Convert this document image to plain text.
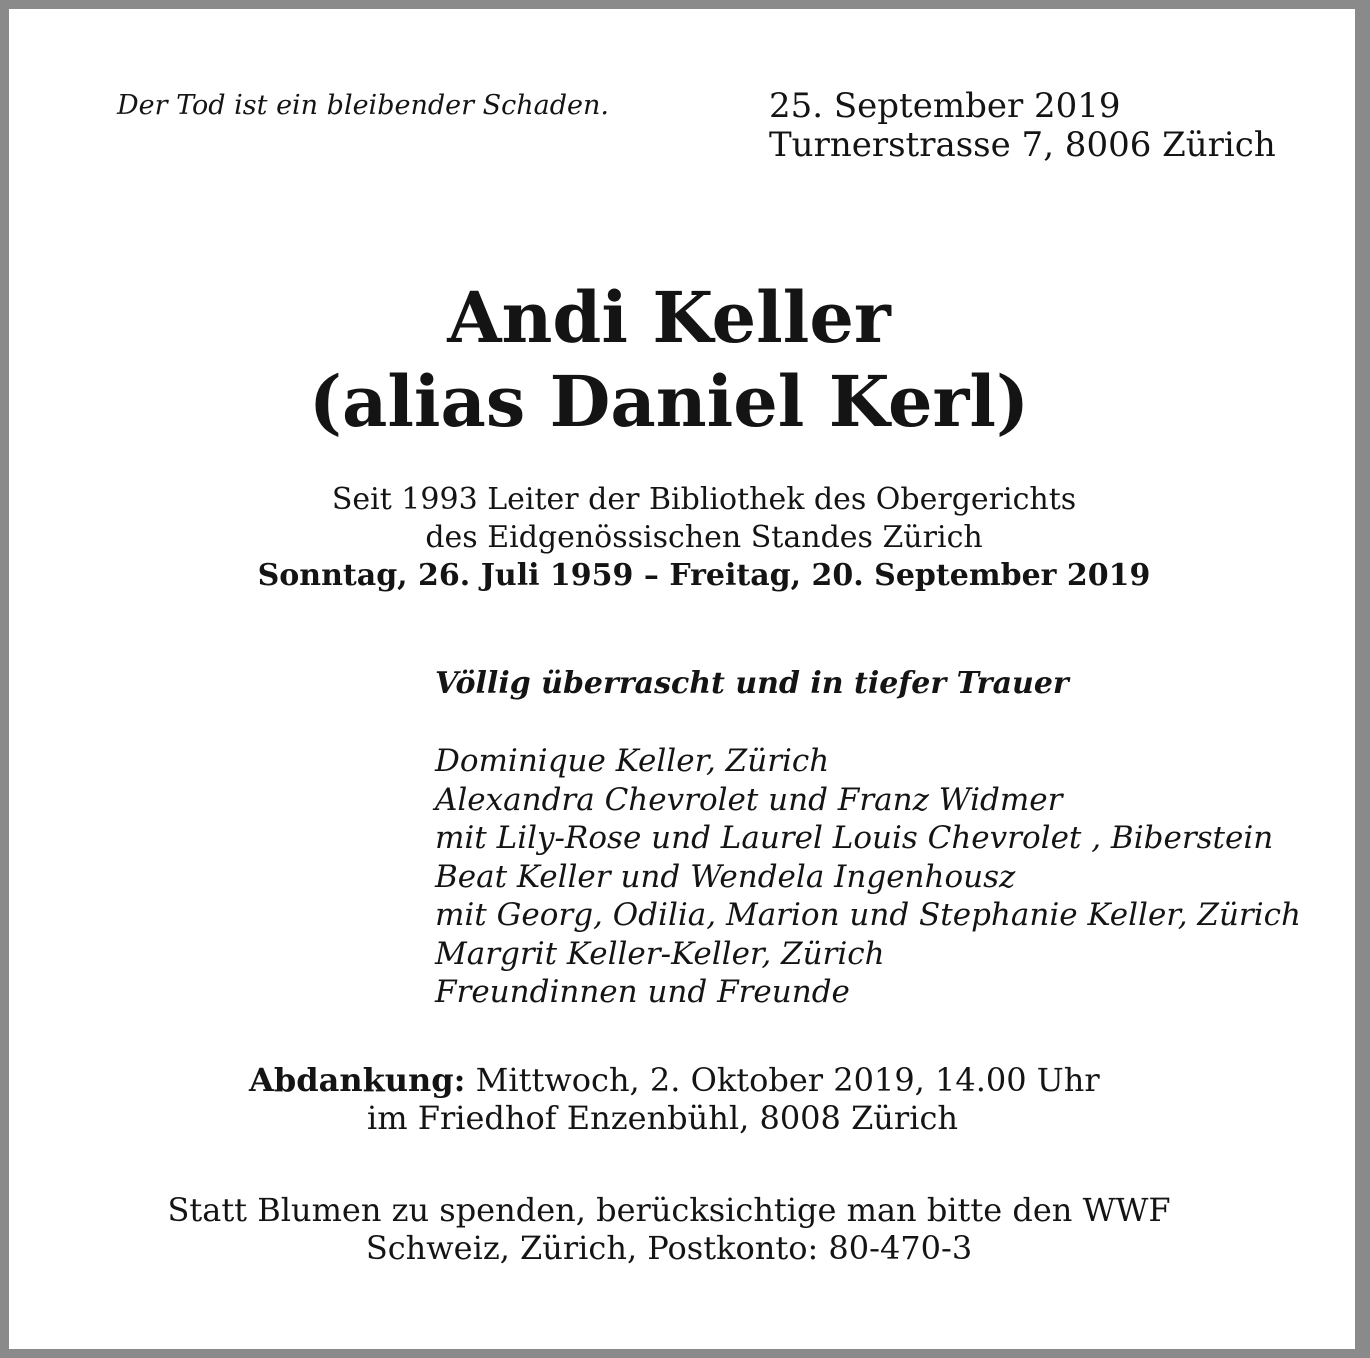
Der Tod ist ein bleibender Schaden.	25. September 2019
Turnerstrasse 7, 8006 Zürich
Andi Keller
(alias Daniel Kerl)
Seit 1993 Leiter der Bibliothek des Obergerichts
des Eidgenössischen Standes Zürich
Sonntag, 26. Juli 1959 – Freitag, 20. September 2019
Völlig überrascht und in tiefer Trauer
Dominique Keller, Zürich
Alexandra Chevrolet und Franz Widmer
mit Lily-Rose und Laurel Louis Chevrolet , Biberstein
Beat Keller und Wendela Ingenhousz
mit Georg, Odilia, Marion und Stephanie Keller, Zürich
Margrit Keller-Keller, Zürich
Freundinnen und Freunde
Abdankung: Mittwoch, 2. Oktober 2019, 14.00 Uhr
im Friedhof Enzenbühl, 8008 Zürich
Statt Blumen zu spenden, berücksichtige man bitte den WWF
Schweiz, Zürich, Postkonto: 80-470-3
